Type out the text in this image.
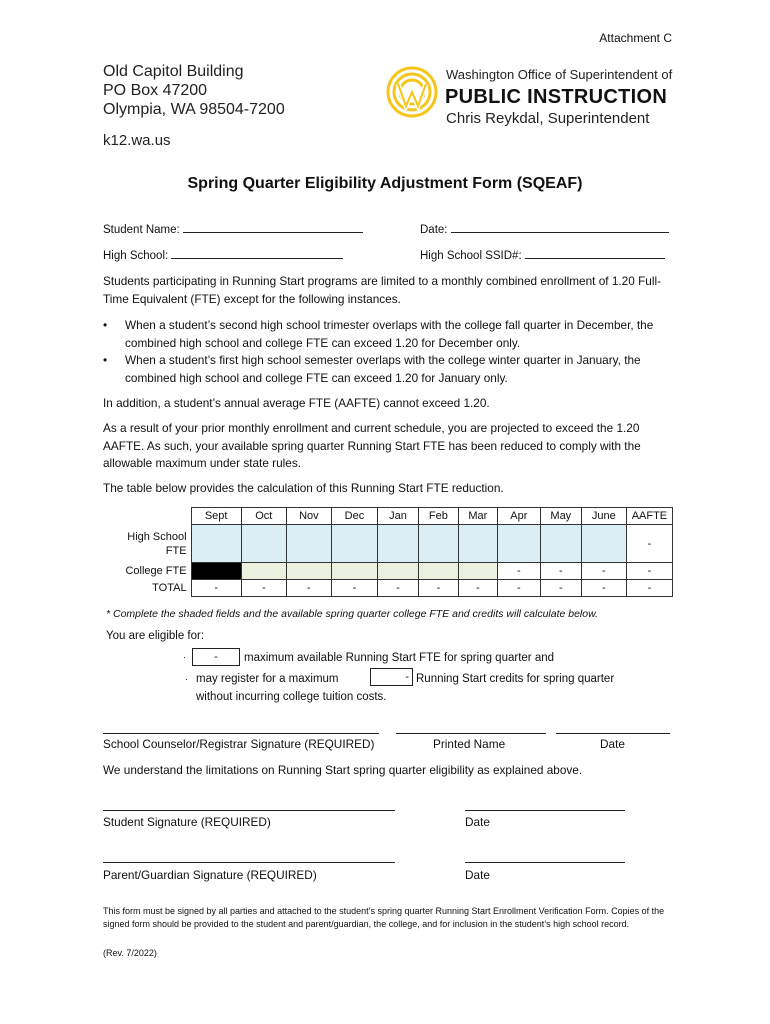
Attachment C
Old Capitol Building
PO Box 47200
Olympia, WA 98504-7200
k12.wa.us
Washington Office of Superintendent of
PUBLIC INSTRUCTION
Chris Reykdal, Superintendent
Spring Quarter Eligibility Adjustment Form (SQEAF)
Student Name:	Date:
High School:	High School SSID#:

Students participating in Running Start programs are limited to a monthly combined enrollment of 1.20 Full-Time Equivalent (FTE) except for the following instances.

• When a student’s second high school trimester overlaps with the college fall quarter in December, the combined high school and college FTE can exceed 1.20 for December only.
• When a student’s first high school semester overlaps with the college winter quarter in January, the combined high school and college FTE can exceed 1.20 for January only.

In addition, a student’s annual average FTE (AAFTE) cannot exceed 1.20.

As a result of your prior monthly enrollment and current schedule, you are projected to exceed the 1.20 AAFTE. As such, your available spring quarter Running Start FTE has been reduced to comply with the allowable maximum under state rules.

The table below provides the calculation of this Running Start FTE reduction.

	Sept	Oct	Nov	Dec	Jan	Feb	Mar	Apr	May	June	AAFTE
High School FTE											-
College FTE								-	-	-	-
TOTAL	-	-	-	-	-	-	-	-	-	-	-
* Complete the shaded fields and the available spring quarter college FTE and credits will calculate below.
You are eligible for:
·	-	maximum available Running Start FTE for spring quarter and
· may register for a maximum	- Running Start credits for spring quarter
without incurring college tuition costs.
School Counselor/Registrar Signature (REQUIRED)	Printed Name	Date
We understand the limitations on Running Start spring quarter eligibility as explained above.
Student Signature (REQUIRED)	Date
Parent/Guardian Signature (REQUIRED)	Date
This form must be signed by all parties and attached to the student’s spring quarter Running Start Enrollment Verification Form. Copies of the signed form should be provided to the student and parent/guardian, the college, and for inclusion in the student’s high school record.
(Rev. 7/2022)
